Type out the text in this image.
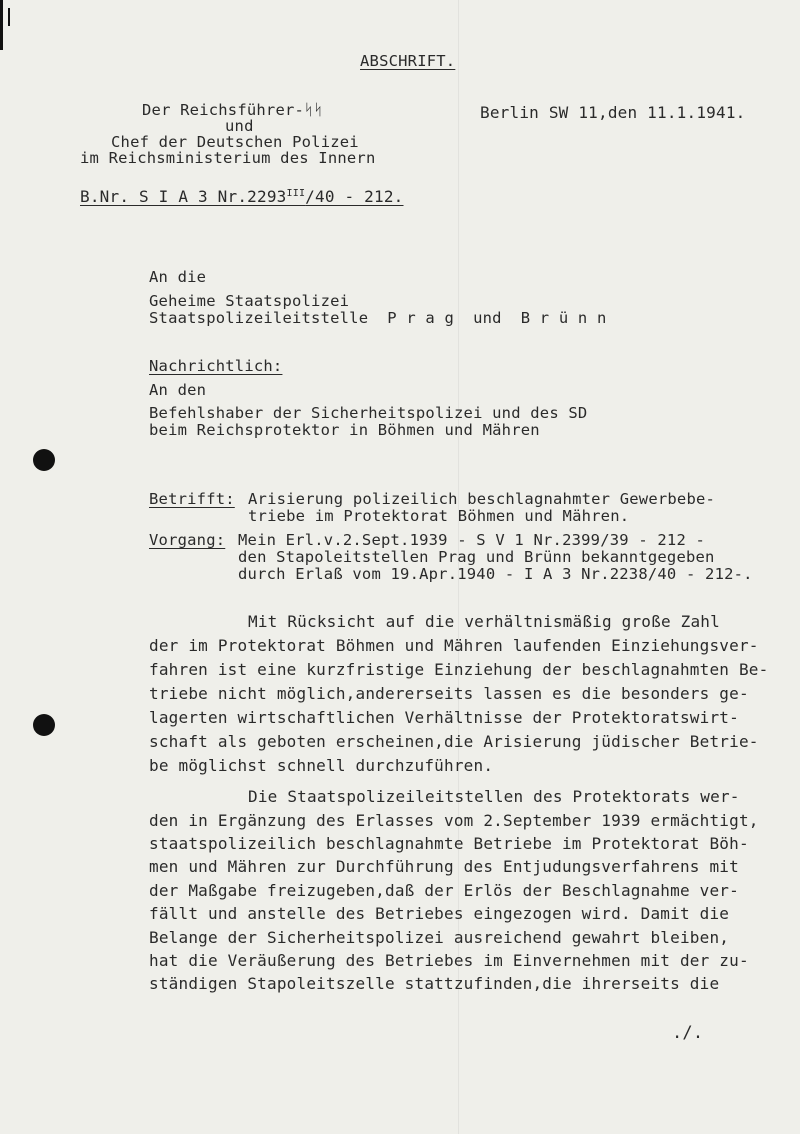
ABSCHRIFT.
Der Reichsführer-ᛋᛋ
und
Chef der Deutschen Polizei
im Reichsministerium des Innern
Berlin SW 11,den 11.1.1941.
B.Nr. S I A 3 $Nr.2293^{III}/40 - 212$.
An die
Geheime Staatspolizei
Staatspolizeileitstelle  P r a g  und  B r ü n n
Nachrichtlich:
An den
Befehlshaber der Sicherheitspolizei und des SD
beim Reichsprotektor in Böhmen und Mähren
Betrifft: Arisierung polizeilich beschlagnahmter Gewerbebe-
triebe im Protektorat Böhmen und Mähren.
Vorgang: Mein Erl.v.2.Sept.1939 - S V 1 Nr.2399/39 - 212 -
den Stapoleitstellen Prag und Brünn bekanntgegeben
durch Erlaß vom 19.Apr.1940 - I A 3 Nr.2238/40 - 212-.
Mit Rücksicht auf die verhältnismäßig große Zahl
der im Protektorat Böhmen und Mähren laufenden Einziehungsver-
fahren ist eine kurzfristige Einziehung der beschlagnahmten Be-
triebe nicht möglich,andererseits lassen es die besonders ge-
lagerten wirtschaftlichen Verhältnisse der Protektoratswirt-
schaft als geboten erscheinen,die Arisierung jüdischer Betrie-
be möglichst schnell durchzuführen.
Die Staatspolizeileitstellen des Protektorats wer-
den in Ergänzung des Erlasses vom 2.September 1939 ermächtigt,
staatspolizeilich beschlagnahmte Betriebe im Protektorat Böh-
men und Mähren zur Durchführung des Entjudungsverfahrens mit
der Maßgabe freizugeben,daß der Erlös der Beschlagnahme ver-
fällt und anstelle des Betriebes eingezogen wird. Damit die
Belange der Sicherheitspolizei ausreichend gewahrt bleiben,
hat die Veräußerung des Betriebes im Einvernehmen mit der zu-
ständigen Stapoleitszelle stattzufinden,die ihrerseits die
./.
